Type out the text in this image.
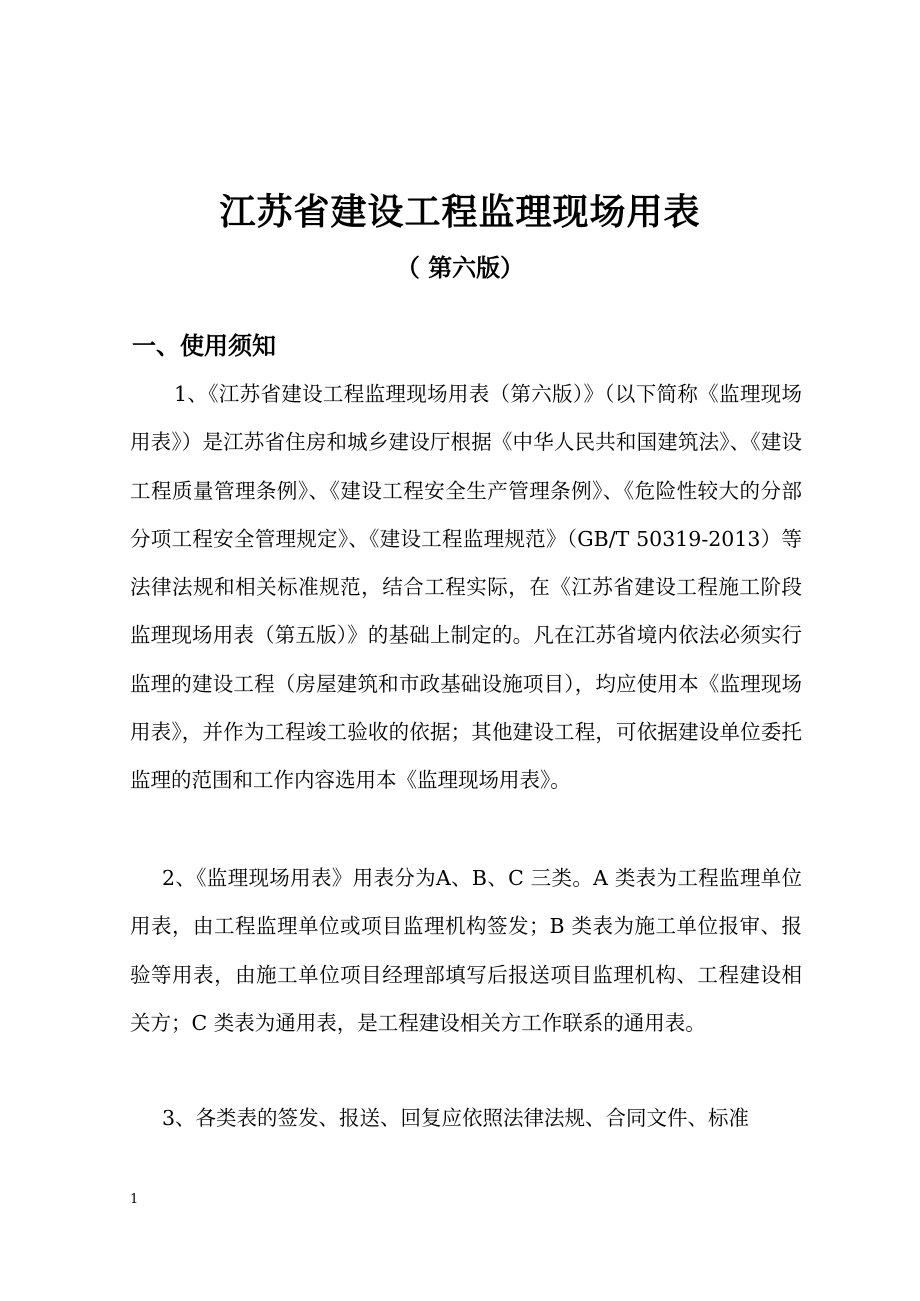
江苏省建设工程监理现场用表
（ 第六版）
一、使用须知

1、《江苏省建设工程监理现场用表（第六版）》（以下简称《监理现场用表》）是江苏省住房和城乡建设厅根据《中华人民共和国建筑法》、《建设工程质量管理条例》、《建设工程安全生产管理条例》、《危险性较大的分部分项工程安全管理规定》、《建设工程监理规范》（GB/T 50319-2013）等法律法规和相关标准规范，结合工程实际，在《江苏省建设工程施工阶段监理现场用表（第五版）》的基础上制定的。凡在江苏省境内依法必须实行监理的建设工程（房屋建筑和市政基础设施项目），均应使用本《监理现场用表》，并作为工程竣工验收的依据；其他建设工程，可依据建设单位委托监理的范围和工作内容选用本《监理现场用表》。

2、《监理现场用表》用表分为A、B、C 三类。A 类表为工程监理单位用表，由工程监理单位或项目监理机构签发；B 类表为施工单位报审、报验等用表，由施工单位项目经理部填写后报送项目监理机构、工程建设相关方；C 类表为通用表，是工程建设相关方工作联系的通用表。

3、各类表的签发、报送、回复应依照法律法规、合同文件、标准

1
